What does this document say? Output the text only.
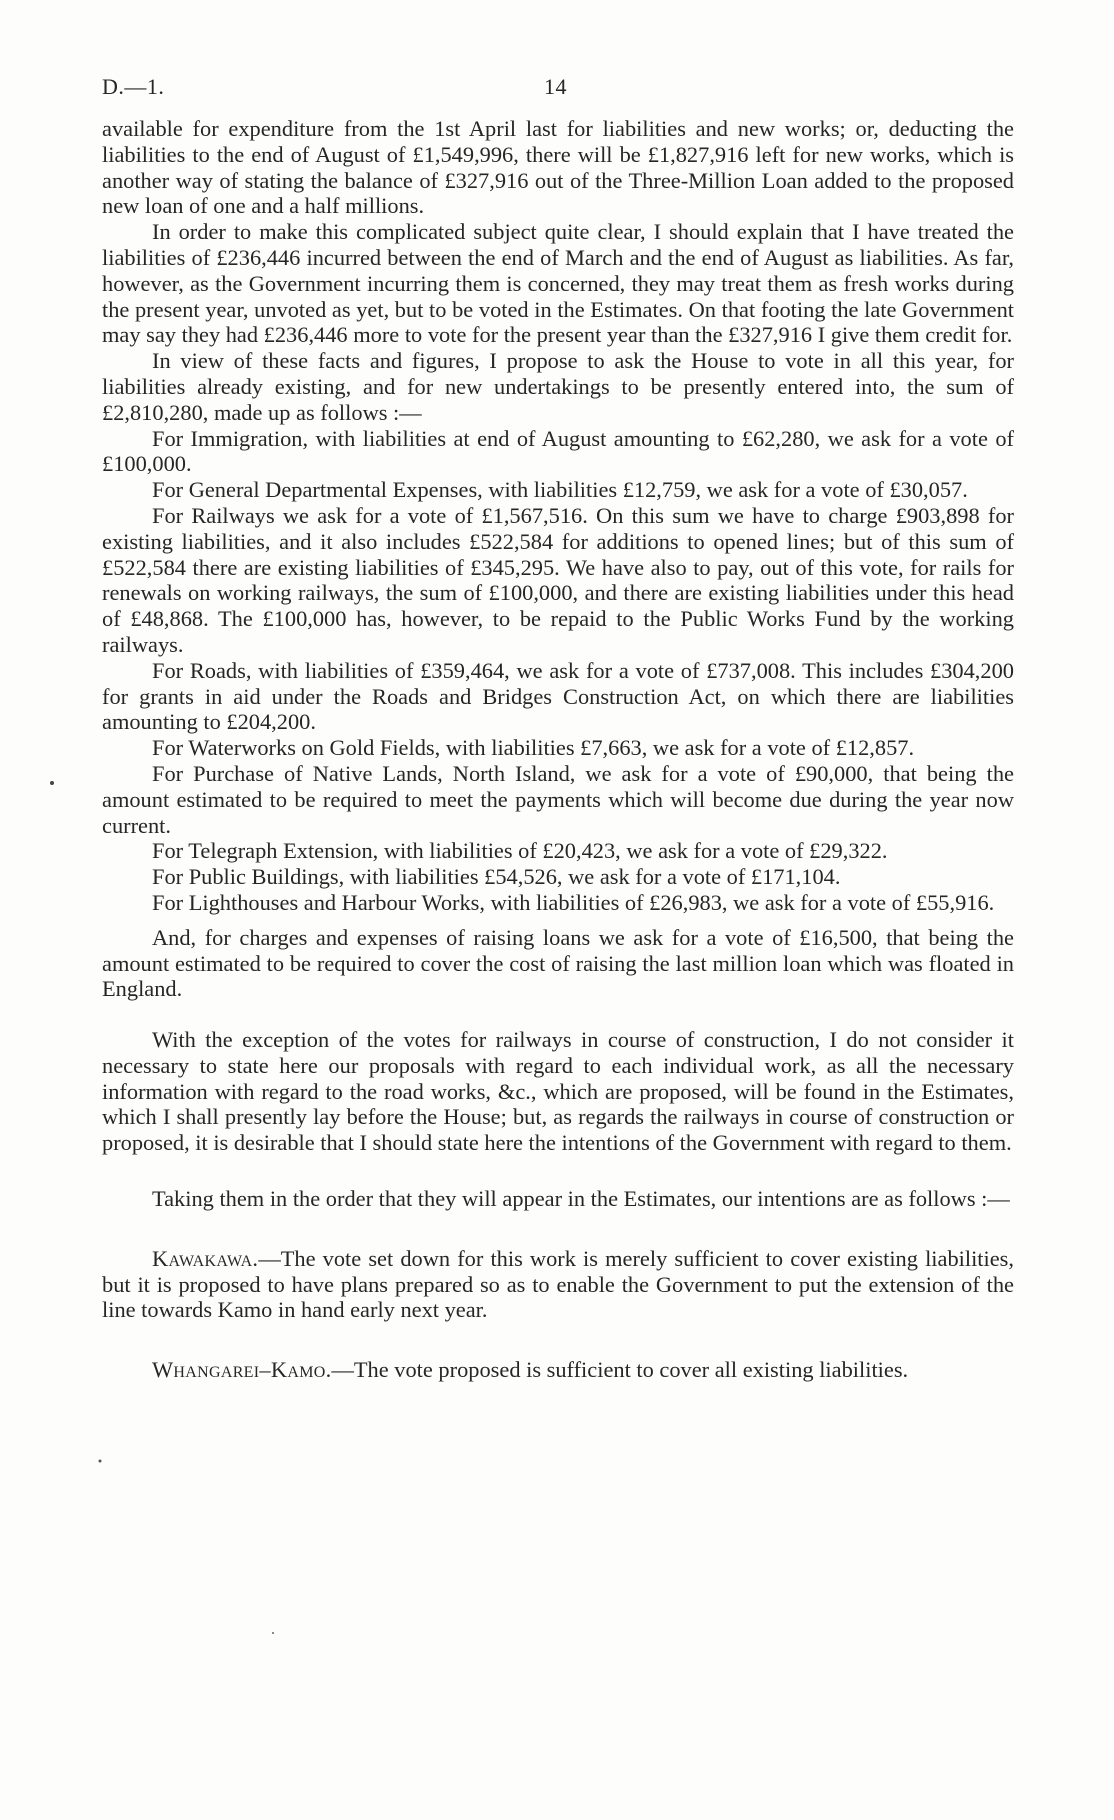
D.—1.	14

available for expenditure from the 1st April last for liabilities and new works; or, deducting the liabilities to the end of August of £1,549,996, there will be £1,827,916 left for new works, which is another way of stating the balance of £327,916 out of the Three-Million Loan added to the proposed new loan of one and a half millions.

In order to make this complicated subject quite clear, I should explain that I have treated the liabilities of £236,446 incurred between the end of March and the end of August as liabilities. As far, however, as the Government incurring them is concerned, they may treat them as fresh works during the present year, unvoted as yet, but to be voted in the Estimates. On that footing the late Government may say they had £236,446 more to vote for the present year than the £327,916 I give them credit for.

In view of these facts and figures, I propose to ask the House to vote in all this year, for liabilities already existing, and for new undertakings to be presently entered into, the sum of £2,810,280, made up as follows :—

For Immigration, with liabilities at end of August amounting to £62,280, we ask for a vote of £100,000.

For General Departmental Expenses, with liabilities £12,759, we ask for a vote of £30,057.

For Railways we ask for a vote of £1,567,516. On this sum we have to charge £903,898 for existing liabilities, and it also includes £522,584 for additions to opened lines; but of this sum of £522,584 there are existing liabilities of £345,295. We have also to pay, out of this vote, for rails for renewals on working railways, the sum of £100,000, and there are existing liabilities under this head of £48,868. The £100,000 has, however, to be repaid to the Public Works Fund by the working railways.

For Roads, with liabilities of £359,464, we ask for a vote of £737,008. This includes £304,200 for grants in aid under the Roads and Bridges Construction Act, on which there are liabilities amounting to £204,200.

For Waterworks on Gold Fields, with liabilities £7,663, we ask for a vote of £12,857.

For Purchase of Native Lands, North Island, we ask for a vote of £90,000, that being the amount estimated to be required to meet the payments which will become due during the year now current.

For Telegraph Extension, with liabilities of £20,423, we ask for a vote of £29,322.

For Public Buildings, with liabilities £54,526, we ask for a vote of £171,104.

For Lighthouses and Harbour Works, with liabilities of £26,983, we ask for a vote of £55,916.

And, for charges and expenses of raising loans we ask for a vote of £16,500, that being the amount estimated to be required to cover the cost of raising the last million loan which was floated in England.

With the exception of the votes for railways in course of construction, I do not consider it necessary to state here our proposals with regard to each individual work, as all the necessary information with regard to the road works, &c., which are proposed, will be found in the Estimates, which I shall presently lay before the House; but, as regards the railways in course of construction or proposed, it is desirable that I should state here the intentions of the Government with regard to them.

Taking them in the order that they will appear in the Estimates, our intentions are as follows :—

Kawakawa.—The vote set down for this work is merely sufficient to cover existing liabilities, but it is proposed to have plans prepared so as to enable the Government to put the extension of the line towards Kamo in hand early next year.

Whangarei–Kamo.—The vote proposed is sufficient to cover all existing liabilities.
